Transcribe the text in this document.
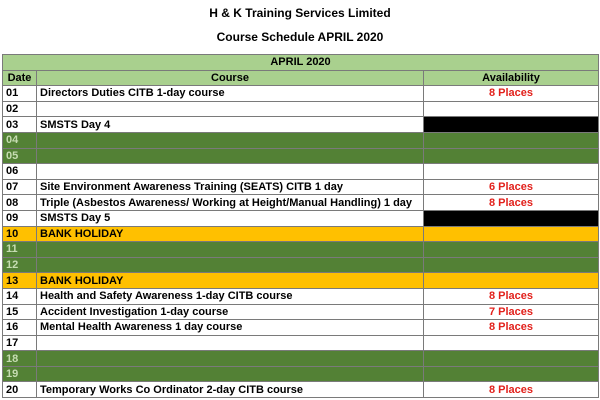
H & K Training Services Limited
Course Schedule APRIL 2020
APRIL 2020		
Date	Course	Availability
01	Directors Duties CITB 1-day course	8 Places
02		
03	SMSTS Day 4	
04		
05		
06		
07	Site Environment Awareness Training (SEATS) CITB 1 day	6 Places
08	Triple (Asbestos Awareness/ Working at Height/Manual Handling) 1 day	8 Places
09	SMSTS Day 5	
10	BANK HOLIDAY	
11		
12		
13	BANK HOLIDAY	
14	Health and Safety Awareness 1-day CITB course	8 Places
15	Accident Investigation 1-day course	7 Places
16	Mental Health Awareness 1 day course	8 Places
17		
18		
19		
20	Temporary Works Co Ordinator 2-day CITB course	8 Places
